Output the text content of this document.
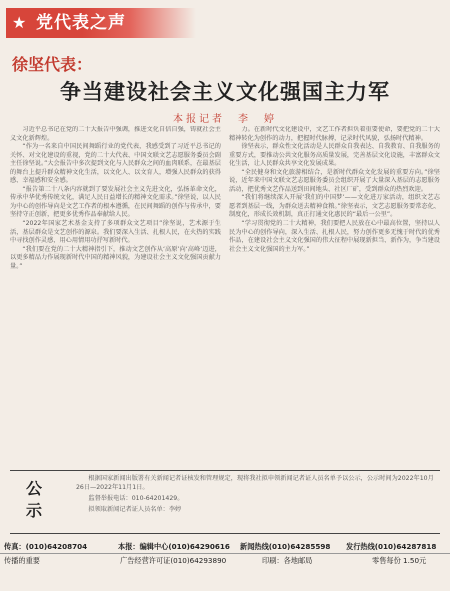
★ 党代表之声
徐坚代表：
争当建设社会主义文化强国主力军
本报记者　李　婷

习近平总书记在党的二十大报告中强调，推进文化自信自强，铸就社会主义文化新辉煌。

“作为一名来自中国民间舞蹈行业的党代表，我感受到了习近平总书记的关怀、对文化建设的重视，党的二十大代表、中国文联文艺志愿服务委员会副主任徐坚说。”大会报告中多次提到文化与人民群众之间的血肉联系，在最基层的舞台上提升群众精神文化生活，以文化人、以文育人，增强人民群众的获得感、幸福感和安全感。

“报告第二十八条内容就到了要发展社会主义先进文化，弘扬革命文化，传承中华优秀传统文化，满足人民日益增长的精神文化需求。”徐坚说，以人民为中心的创作导向是文艺工作者的根本遵循，在民间舞蹈的创作与传承中，要坚持守正创新，把更多优秀作品奉献给人民。

“2022年国家艺术基金支持了多项群众文艺项目”徐坚说，艺术源于生活，基层群众是文艺创作的源泉。我们要深入生活、扎根人民，在火热的实践中寻找创作灵感，用心用情用功抒写新时代。

“我们要在党的二十大精神指引下，推动文艺创作从‘高原’向‘高峰’迈进，以更多精品力作展现新时代中国的精神风貌，为建设社会主义文化强国贡献力量。”

力。在新时代文化建设中，文艺工作者担负着重要使命，要把党的二十大精神转化为创作的动力，把握时代脉搏，记录时代风貌，弘扬时代精神。

徐坚表示，群众性文化活动是人民群众自我表达、自我教育、自我服务的重要方式，要推动公共文化服务高质量发展，完善基层文化设施，丰富群众文化生活，让人民群众共享文化发展成果。

“全民健身和文化旅游相结合，是新时代群众文化发展的重要方向。”徐坚说，近年来中国文联文艺志愿服务委员会组织开展了大量深入基层的志愿服务活动，把优秀文艺作品送到田间地头、社区厂矿，受到群众的热烈欢迎。

“我们将继续深入开展‘我们的中国梦’——文化进万家活动，组织文艺志愿者到基层一线，为群众送去精神食粮。”徐坚表示，文艺志愿服务要常态化、制度化，形成长效机制，真正打通文化惠民的“最后一公里”。

“学习贯彻党的二十大精神，我们要把人民放在心中最高位置，坚持以人民为中心的创作导向，深入生活、扎根人民，努力创作更多无愧于时代的优秀作品，在建设社会主义文化强国的伟大征程中展现新担当、新作为，争当建设社会主义文化强国的主力军。”

公示

根据国家新闻出版署有关新闻记者证核发和管理规定，现将我社拟申领新闻记者证人员名单予以公示，公示时间为2022年10月26日—2022年11月1日。

监督举报电话：010-64201429。

拟领取新闻记者证人员名单：李婷

传真：(010)64208704	本报：编辑中心(010)64290616 新闻热线(010)64285598 发行热线(010)64287818
传播的重要	广告经营许可证(010)64293890	印刷：各地邮局	零售每份 1.50元
